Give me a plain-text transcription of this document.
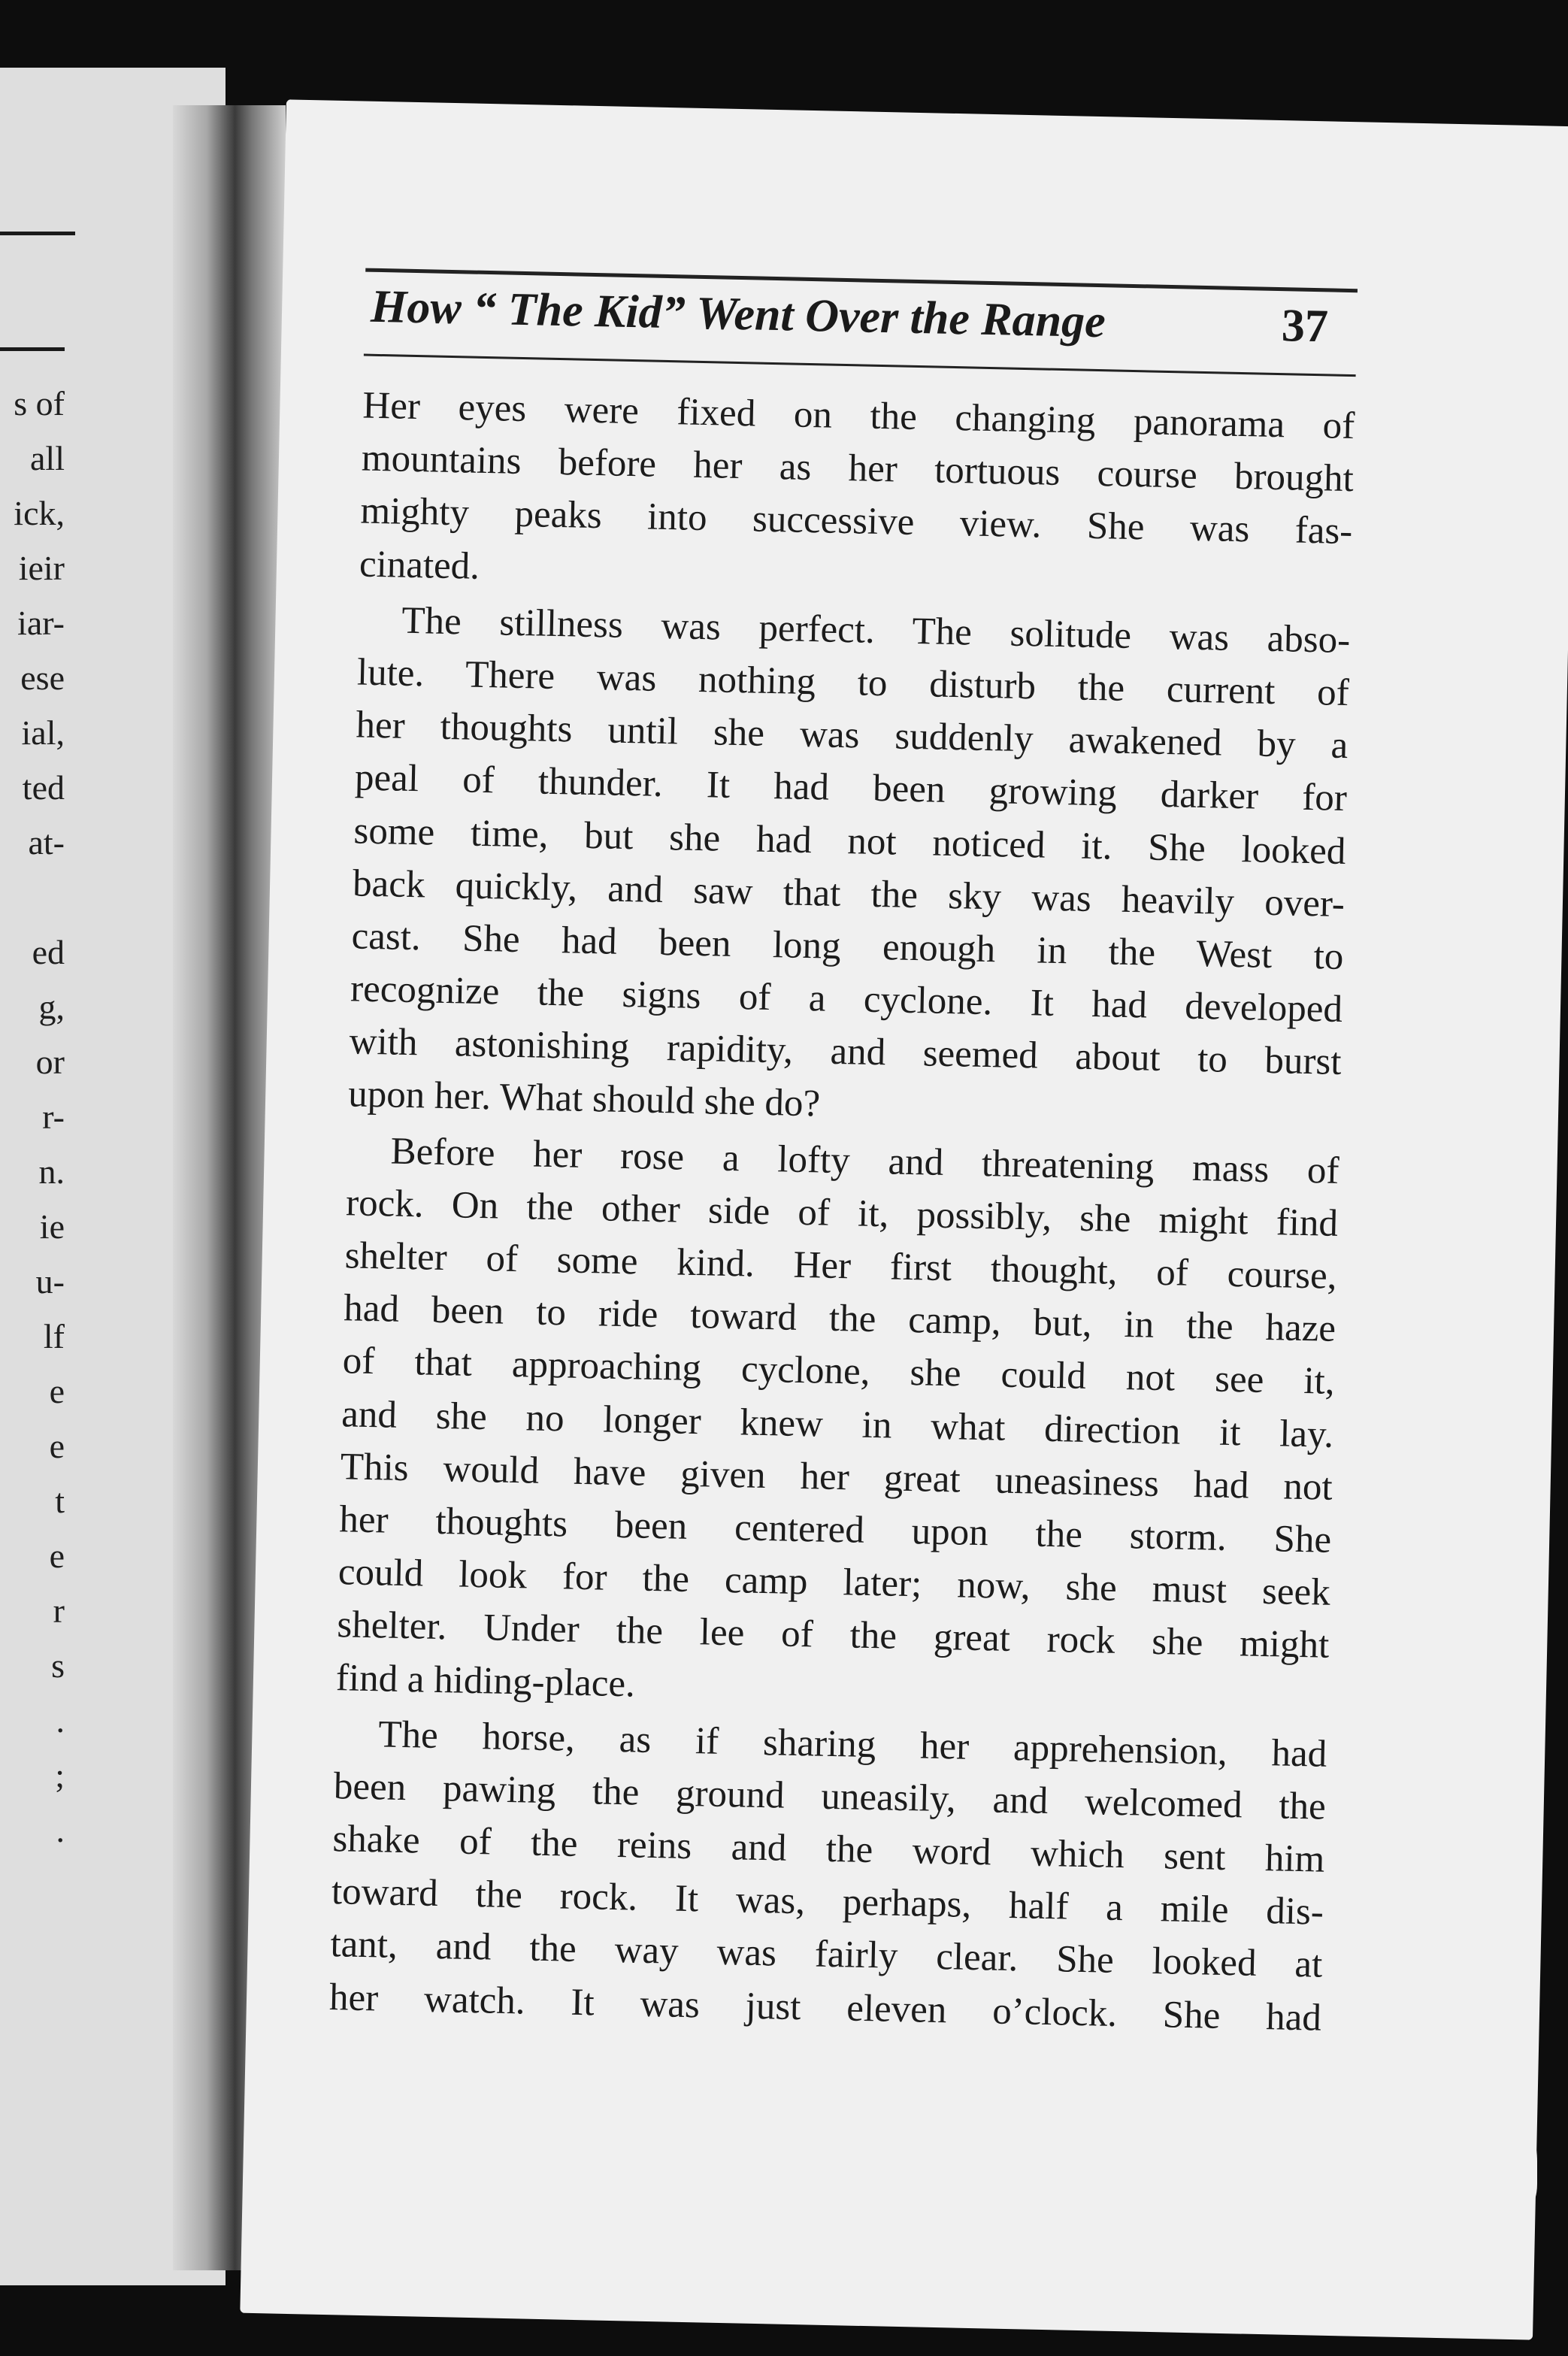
s of

all

ick,

ieir

iar-

ese

ial,

ted

at-

ed

g,

or

r-

n.

ie

u-

lf

e

e

t

e

r

s

.

;

.

How “ The Kid” Went Over the Range	37

Her eyes were fixed on the changing panorama of

mountains before her as her tortuous course brought

mighty peaks into successive view. She was fas-

cinated.

The stillness was perfect. The solitude was abso-

lute. There was nothing to disturb the current of

her thoughts until she was suddenly awakened by a

peal of thunder. It had been growing darker for

some time, but she had not noticed it. She looked

back quickly, and saw that the sky was heavily over-

cast. She had been long enough in the West to

recognize the signs of a cyclone. It had developed

with astonishing rapidity, and seemed about to burst

upon her. What should she do?

Before her rose a lofty and threatening mass of

rock. On the other side of it, possibly, she might find

shelter of some kind. Her first thought, of course,

had been to ride toward the camp, but, in the haze

of that approaching cyclone, she could not see it,

and she no longer knew in what direction it lay.

This would have given her great uneasiness had not

her thoughts been centered upon the storm. She

could look for the camp later; now, she must seek

shelter. Under the lee of the great rock she might

find a hiding-place.

The horse, as if sharing her apprehension, had

been pawing the ground uneasily, and welcomed the

shake of the reins and the word which sent him

toward the rock. It was, perhaps, half a mile dis-

tant, and the way was fairly clear. She looked at

her watch. It was just eleven o’clock. She had
